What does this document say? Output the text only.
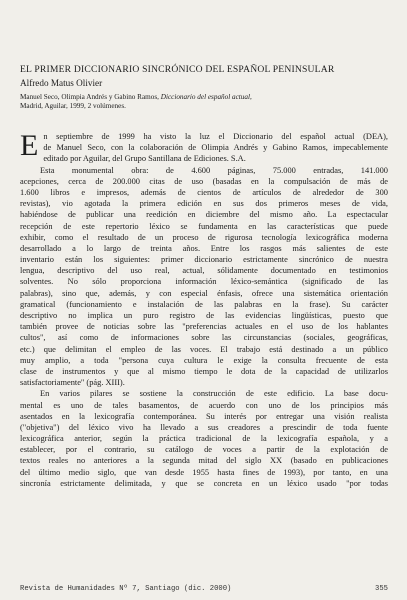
EL PRIMER DICCIONARIO SINCRÓNICO DEL ESPAÑOL PENINSULAR
Alfredo Matus Olivier
Manuel Seco, Olimpia Andrés y Gabino Ramos, Diccionario del español actual,
Madrid, Aguilar, 1999, 2 volúmenes.
E n septiembre de 1999 ha visto la luz el Diccionario del español actual (DEA),
de Manuel Seco, con la colaboración de Olimpia Andrés y Gabino Ramos, impecablemente
editado por Aguilar, del Grupo Santillana de Ediciones. S.A.
Esta monumental obra: de 4.600 páginas, 75.000 entradas, 141.000
acepciones, cerca de 200.000 citas de uso (basadas en la compulsación de más de
1.600 libros e impresos, además de cientos de artículos de alrededor de 300
revistas), vio agotada la primera edición en sus dos primeros meses de vida,
habiéndose de publicar una reedición en diciembre del mismo año. La espectacular
recepción de este repertorio léxico se fundamenta en las características que puede
exhibir, como el resultado de un proceso de rigurosa tecnología lexicográfica moderna
desarrollado a lo largo de treinta años. Entre los rasgos más salientes de este
inventario están los siguientes: primer diccionario estrictamente sincrónico de nuestra
lengua, descriptivo del uso real, actual, sólidamente documentado en testimonios
solventes. No sólo proporciona información léxico-semántica (significado de las
palabras), sino que, además, y con especial énfasis, ofrece una sistemática orientación
gramatical (funcionamiento e instalación de las palabras en la frase). Su carácter
descriptivo no implica un puro registro de las evidencias lingüísticas, puesto que
también provee de noticias sobre las "preferencias actuales en el uso de los hablantes
cultos", así como de informaciones sobre las circunstancias (sociales, geográficas,
etc.) que delimitan el empleo de las voces. El trabajo está destinado a un público
muy amplio, a toda "persona cuya cultura le exige la consulta frecuente de esta
clase de instrumentos y que al mismo tiempo le dota de la capacidad de utilizarlos
satisfactoriamente" (pág. XIII).
En varios pilares se sostiene la construcción de este edificio. La base docu-
mental es uno de tales basamentos, de acuerdo con uno de los principios más
asentados en la lexicografía contemporánea. Su interés por entregar una visión realista
("objetiva") del léxico vivo ha llevado a sus creadores a prescindir de toda fuente
lexicográfica anterior, según la práctica tradicional de la lexicografía española, y a
establecer, por el contrario, su catálogo de voces a partir de la explotación de
textos reales no anteriores a la segunda mitad del siglo XX (basado en publicaciones
del último medio siglo, que van desde 1955 hasta fines de 1993), por tanto, en una
sincronía estrictamente delimitada, y que se concreta en un léxico usado "por todas
Revista de Humanidades Nº 7, Santiago (dic. 2000)	355
